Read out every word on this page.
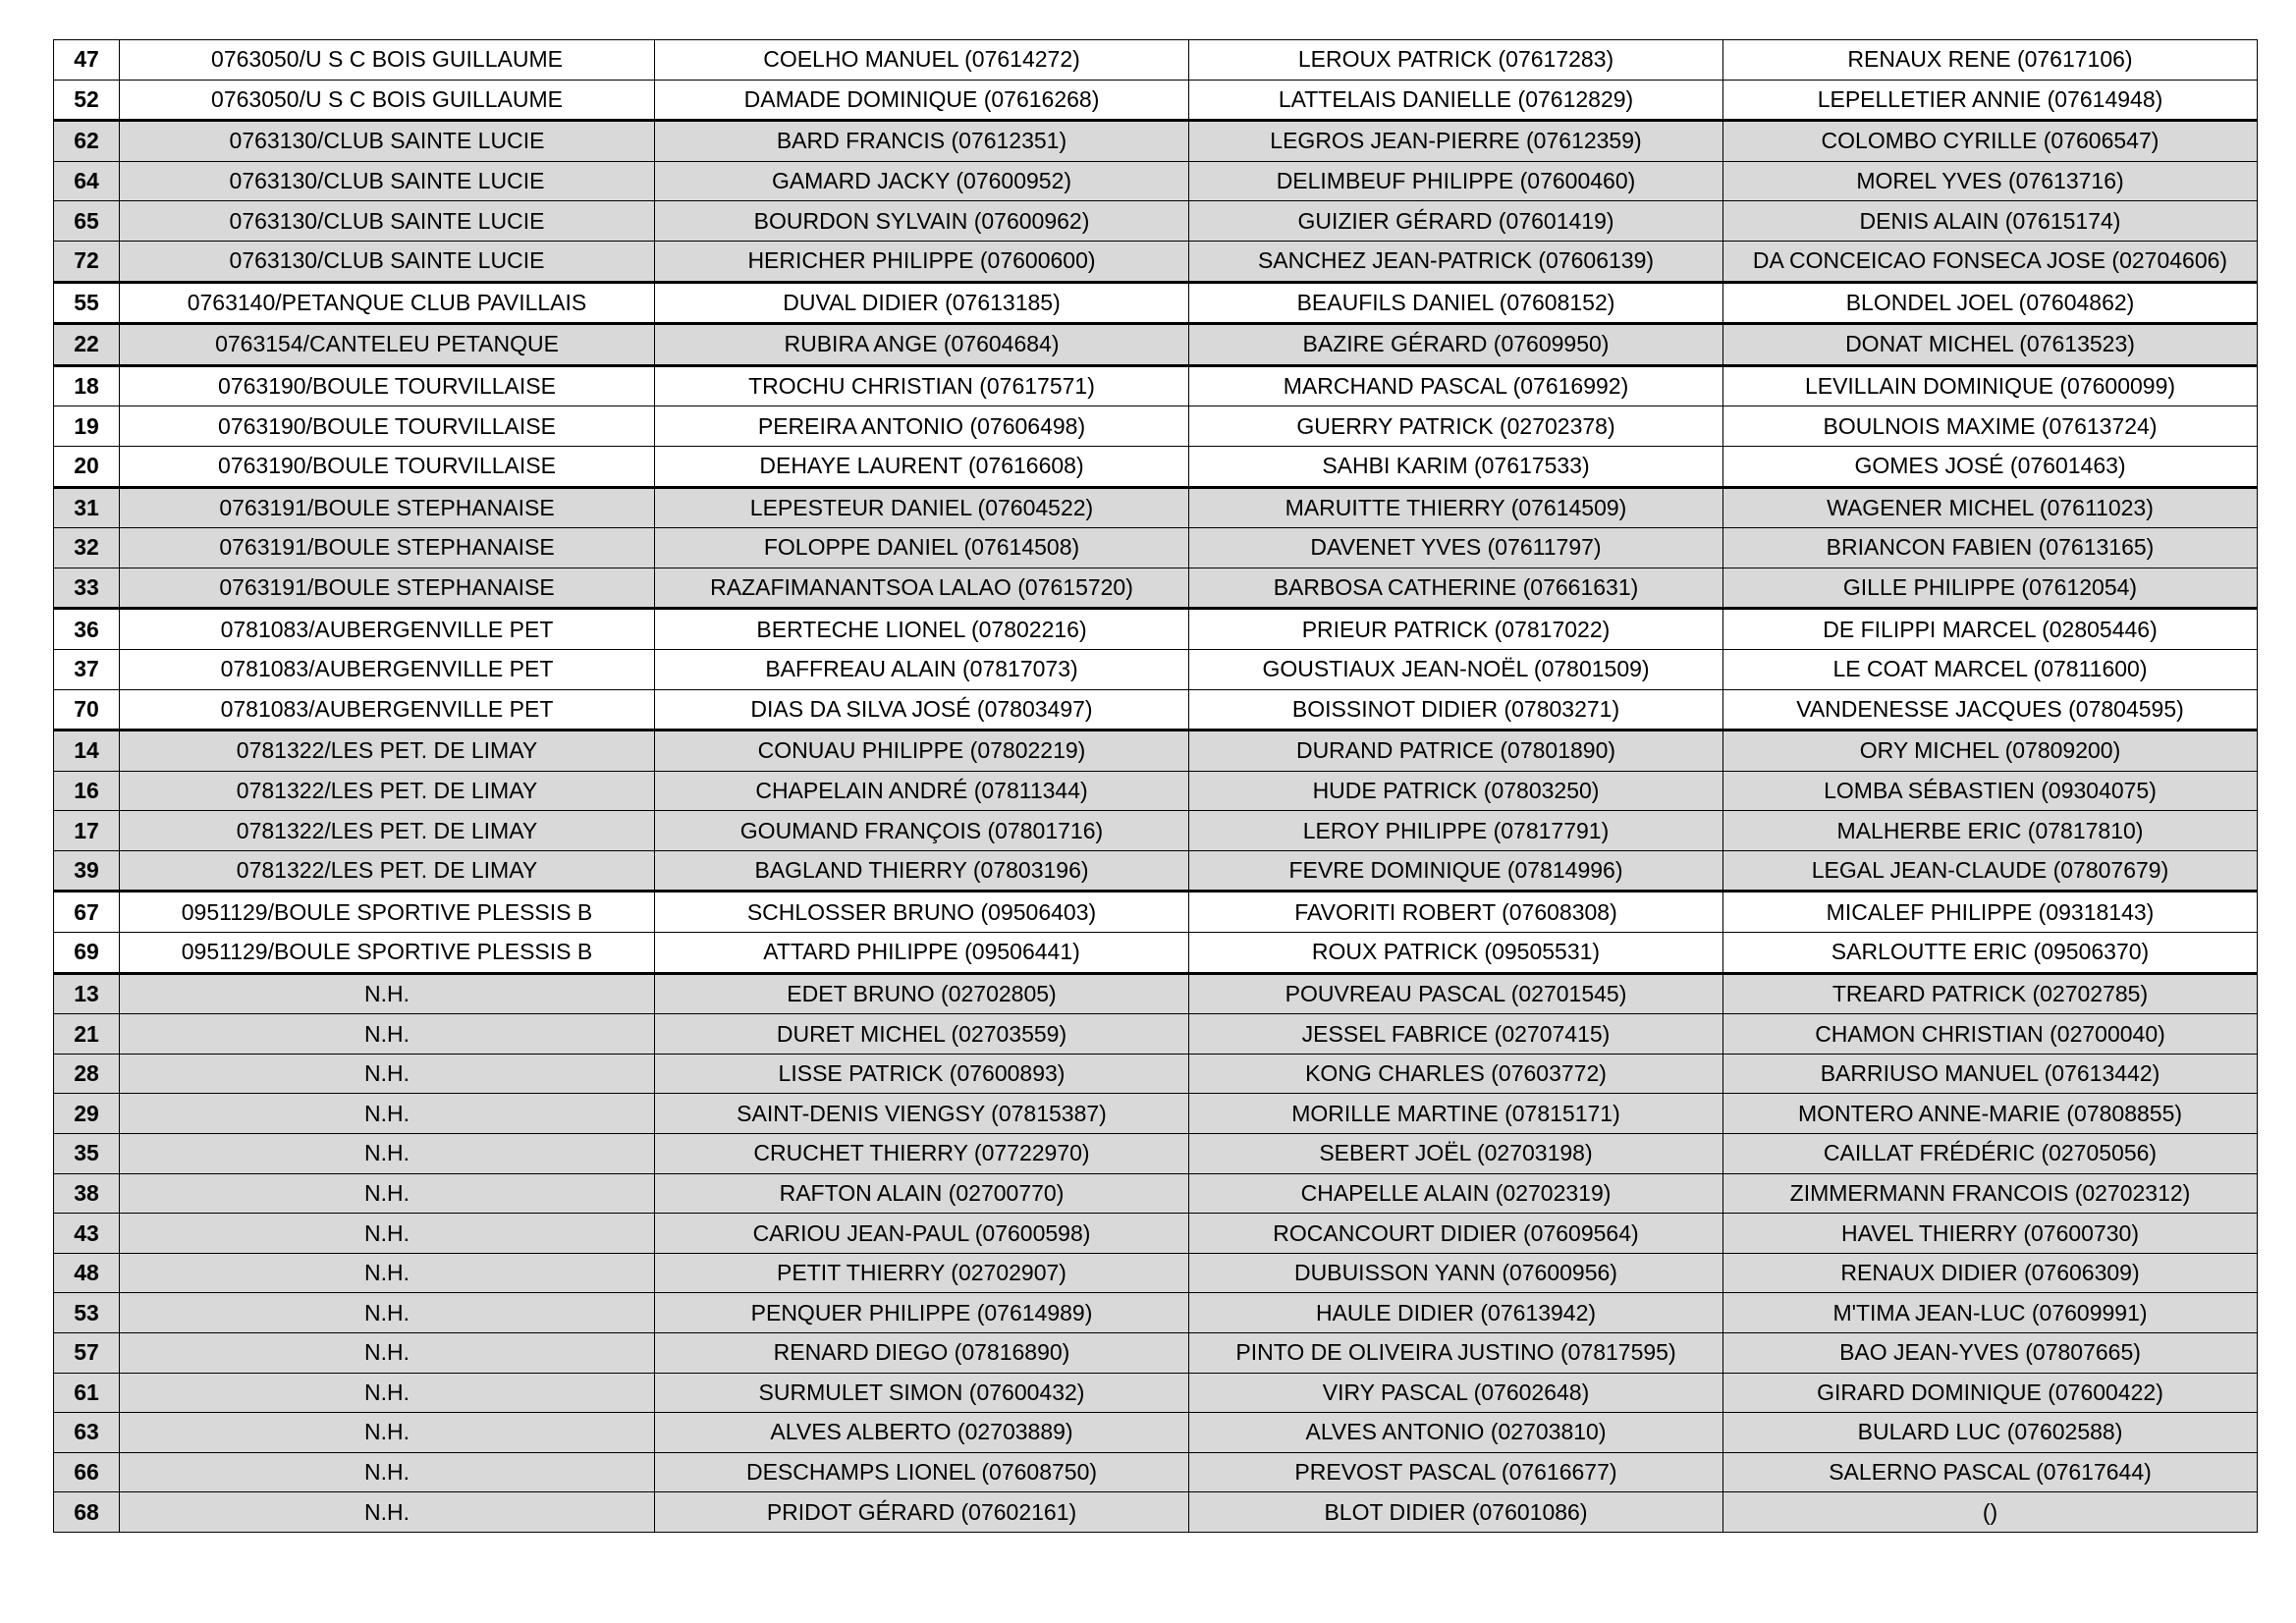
47	0763050/U S C BOIS GUILLAUME	COELHO MANUEL (07614272)	LEROUX PATRICK (07617283)	RENAUX RENE (07617106)
52	0763050/U S C BOIS GUILLAUME	DAMADE DOMINIQUE (07616268)	LATTELAIS DANIELLE (07612829)	LEPELLETIER ANNIE (07614948)
62	0763130/CLUB SAINTE LUCIE	BARD FRANCIS (07612351)	LEGROS JEAN-PIERRE (07612359)	COLOMBO CYRILLE (07606547)
64	0763130/CLUB SAINTE LUCIE	GAMARD JACKY (07600952)	DELIMBEUF PHILIPPE (07600460)	MOREL YVES (07613716)
65	0763130/CLUB SAINTE LUCIE	BOURDON SYLVAIN (07600962)	GUIZIER GÉRARD (07601419)	DENIS ALAIN (07615174)
72	0763130/CLUB SAINTE LUCIE	HERICHER PHILIPPE (07600600)	SANCHEZ JEAN-PATRICK (07606139)	DA CONCEICAO FONSECA JOSE (02704606)
55	0763140/PETANQUE CLUB PAVILLAIS	DUVAL DIDIER (07613185)	BEAUFILS DANIEL (07608152)	BLONDEL JOEL (07604862)
22	0763154/CANTELEU PETANQUE	RUBIRA ANGE (07604684)	BAZIRE GÉRARD (07609950)	DONAT MICHEL (07613523)
18	0763190/BOULE TOURVILLAISE	TROCHU CHRISTIAN (07617571)	MARCHAND PASCAL (07616992)	LEVILLAIN DOMINIQUE (07600099)
19	0763190/BOULE TOURVILLAISE	PEREIRA ANTONIO (07606498)	GUERRY PATRICK (02702378)	BOULNOIS MAXIME (07613724)
20	0763190/BOULE TOURVILLAISE	DEHAYE LAURENT (07616608)	SAHBI KARIM (07617533)	GOMES JOSÉ (07601463)
31	0763191/BOULE STEPHANAISE	LEPESTEUR DANIEL (07604522)	MARUITTE THIERRY (07614509)	WAGENER MICHEL (07611023)
32	0763191/BOULE STEPHANAISE	FOLOPPE DANIEL (07614508)	DAVENET YVES (07611797)	BRIANCON FABIEN (07613165)
33	0763191/BOULE STEPHANAISE	RAZAFIMANANTSOA LALAO (07615720)	BARBOSA CATHERINE (07661631)	GILLE PHILIPPE (07612054)
36	0781083/AUBERGENVILLE PET	BERTECHE LIONEL (07802216)	PRIEUR PATRICK (07817022)	DE FILIPPI MARCEL (02805446)
37	0781083/AUBERGENVILLE PET	BAFFREAU ALAIN (07817073)	GOUSTIAUX JEAN-NOËL (07801509)	LE COAT MARCEL (07811600)
70	0781083/AUBERGENVILLE PET	DIAS DA SILVA JOSÉ (07803497)	BOISSINOT DIDIER (07803271)	VANDENESSE JACQUES (07804595)
14	0781322/LES PET. DE LIMAY	CONUAU PHILIPPE (07802219)	DURAND PATRICE (07801890)	ORY MICHEL (07809200)
16	0781322/LES PET. DE LIMAY	CHAPELAIN ANDRÉ (07811344)	HUDE PATRICK (07803250)	LOMBA SÉBASTIEN (09304075)
17	0781322/LES PET. DE LIMAY	GOUMAND FRANÇOIS (07801716)	LEROY PHILIPPE (07817791)	MALHERBE ERIC (07817810)
39	0781322/LES PET. DE LIMAY	BAGLAND THIERRY (07803196)	FEVRE DOMINIQUE (07814996)	LEGAL JEAN-CLAUDE (07807679)
67	0951129/BOULE SPORTIVE PLESSIS B	SCHLOSSER BRUNO (09506403)	FAVORITI ROBERT (07608308)	MICALEF PHILIPPE (09318143)
69	0951129/BOULE SPORTIVE PLESSIS B	ATTARD PHILIPPE (09506441)	ROUX PATRICK (09505531)	SARLOUTTE ERIC (09506370)
13	N.H.	EDET BRUNO (02702805)	POUVREAU PASCAL (02701545)	TREARD PATRICK (02702785)
21	N.H.	DURET MICHEL (02703559)	JESSEL FABRICE (02707415)	CHAMON CHRISTIAN (02700040)
28	N.H.	LISSE PATRICK (07600893)	KONG CHARLES (07603772)	BARRIUSO MANUEL (07613442)
29	N.H.	SAINT-DENIS VIENGSY (07815387)	MORILLE MARTINE (07815171)	MONTERO ANNE-MARIE (07808855)
35	N.H.	CRUCHET THIERRY (07722970)	SEBERT JOËL (02703198)	CAILLAT FRÉDÉRIC (02705056)
38	N.H.	RAFTON ALAIN (02700770)	CHAPELLE ALAIN (02702319)	ZIMMERMANN FRANCOIS (02702312)
43	N.H.	CARIOU JEAN-PAUL (07600598)	ROCANCOURT DIDIER (07609564)	HAVEL THIERRY (07600730)
48	N.H.	PETIT THIERRY (02702907)	DUBUISSON YANN (07600956)	RENAUX DIDIER (07606309)
53	N.H.	PENQUER PHILIPPE (07614989)	HAULE DIDIER (07613942)	M'TIMA JEAN-LUC (07609991)
57	N.H.	RENARD DIEGO (07816890)	PINTO DE OLIVEIRA JUSTINO (07817595)	BAO JEAN-YVES (07807665)
61	N.H.	SURMULET SIMON (07600432)	VIRY PASCAL (07602648)	GIRARD DOMINIQUE (07600422)
63	N.H.	ALVES ALBERTO (02703889)	ALVES ANTONIO (02703810)	BULARD LUC (07602588)
66	N.H.	DESCHAMPS LIONEL (07608750)	PREVOST PASCAL (07616677)	SALERNO PASCAL (07617644)
68	N.H.	PRIDOT GÉRARD (07602161)	BLOT DIDIER (07601086)	()
